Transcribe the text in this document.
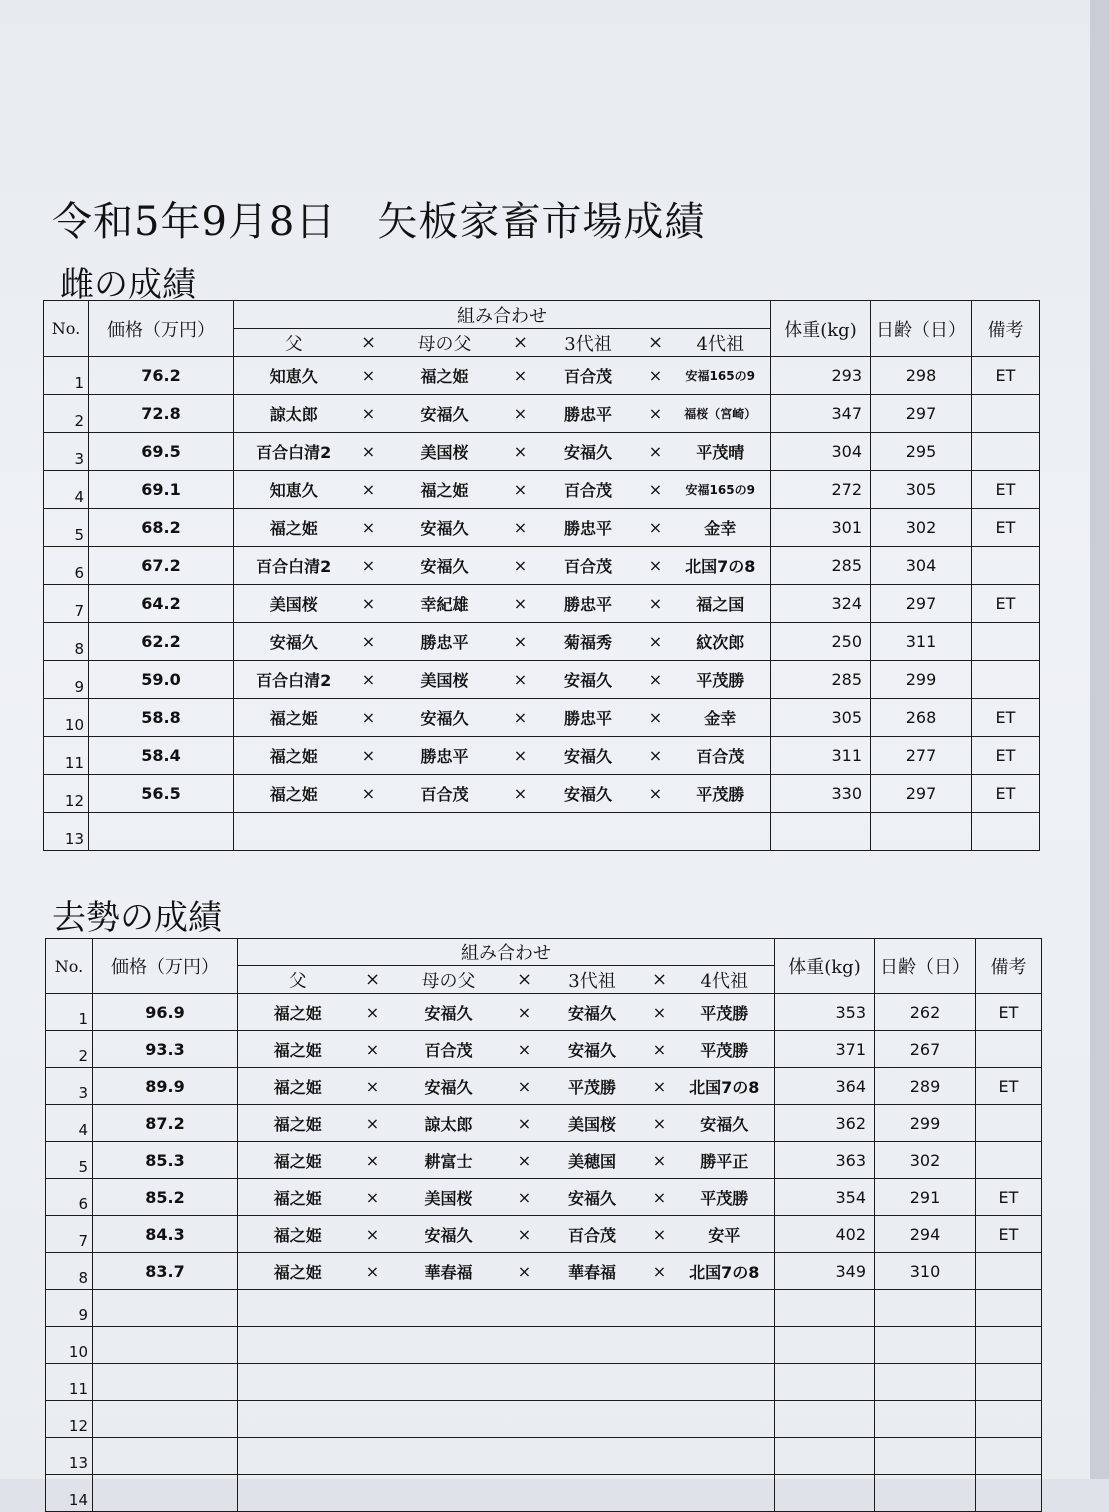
令和5年9月8日　矢板家畜市場成績
雌の成績
No.	価格（万円）	組み合わせ							体重(kg)	日齢（日）	備考
		父	×	母の父	×	3代祖	×	4代祖			
1	76.2	知恵久	×	福之姫	×	百合茂	×	安福165の9	293	298	ET
2	72.8	諒太郎	×	安福久	×	勝忠平	×	福桜（宮崎）	347	297	
3	69.5	百合白清2	×	美国桜	×	安福久	×	平茂晴	304	295	
4	69.1	知恵久	×	福之姫	×	百合茂	×	安福165の9	272	305	ET
5	68.2	福之姫	×	安福久	×	勝忠平	×	金幸	301	302	ET
6	67.2	百合白清2	×	安福久	×	百合茂	×	北国7の8	285	304	
7	64.2	美国桜	×	幸紀雄	×	勝忠平	×	福之国	324	297	ET
8	62.2	安福久	×	勝忠平	×	菊福秀	×	紋次郎	250	311	
9	59.0	百合白清2	×	美国桜	×	安福久	×	平茂勝	285	299	
10	58.8	福之姫	×	安福久	×	勝忠平	×	金幸	305	268	ET
11	58.4	福之姫	×	勝忠平	×	安福久	×	百合茂	311	277	ET
12	56.5	福之姫	×	百合茂	×	安福久	×	平茂勝	330	297	ET
13											
去勢の成績
No.	価格（万円）	組み合わせ							体重(kg)	日齢（日）	備考
		父	×	母の父	×	3代祖	×	4代祖			
1	96.9	福之姫	×	安福久	×	安福久	×	平茂勝	353	262	ET
2	93.3	福之姫	×	百合茂	×	安福久	×	平茂勝	371	267	
3	89.9	福之姫	×	安福久	×	平茂勝	×	北国7の8	364	289	ET
4	87.2	福之姫	×	諒太郎	×	美国桜	×	安福久	362	299	
5	85.3	福之姫	×	耕富士	×	美穂国	×	勝平正	363	302	
6	85.2	福之姫	×	美国桜	×	安福久	×	平茂勝	354	291	ET
7	84.3	福之姫	×	安福久	×	百合茂	×	安平	402	294	ET
8	83.7	福之姫	×	華春福	×	華春福	×	北国7の8	349	310	
9											
10											
11											
12											
13											
14											
